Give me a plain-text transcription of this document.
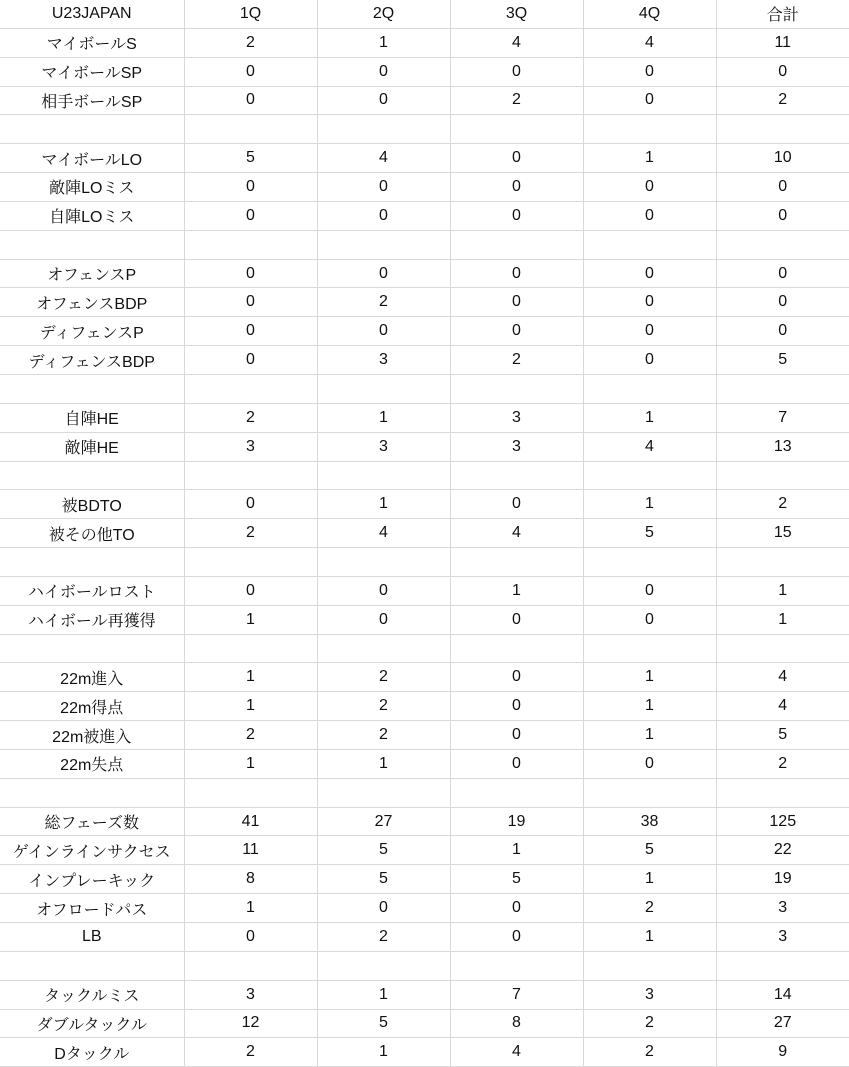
U23JAPAN	1Q	2Q	3Q	4Q	合計
マイボールS	2	1	4	4	11
マイボールSP	0	0	0	0	0
相手ボールSP	0	0	2	0	2

マイボールLO	5	4	0	1	10
敵陣LOミス	0	0	0	0	0
自陣LOミス	0	0	0	0	0

オフェンスP	0	0	0	0	0
オフェンスBDP	0	2	0	0	0
ディフェンスP	0	0	0	0	0
ディフェンスBDP	0	3	2	0	5

自陣HE	2	1	3	1	7
敵陣HE	3	3	3	4	13

被BDTO	0	1	0	1	2
被その他TO	2	4	4	5	15

ハイボールロスト	0	0	1	0	1
ハイボール再獲得	1	0	0	0	1

22m進入	1	2	0	1	4
22m得点	1	2	0	1	4
22m被進入	2	2	0	1	5
22m失点	1	1	0	0	2

総フェーズ数	41	27	19	38	125
ゲインラインサクセス	11	5	1	5	22
インプレーキック	8	5	5	1	19
オフロードパス	1	0	0	2	3
LB	0	2	0	1	3

タックルミス	3	1	7	3	14
ダブルタックル	12	5	8	2	27
Dタックル	2	1	4	2	9
